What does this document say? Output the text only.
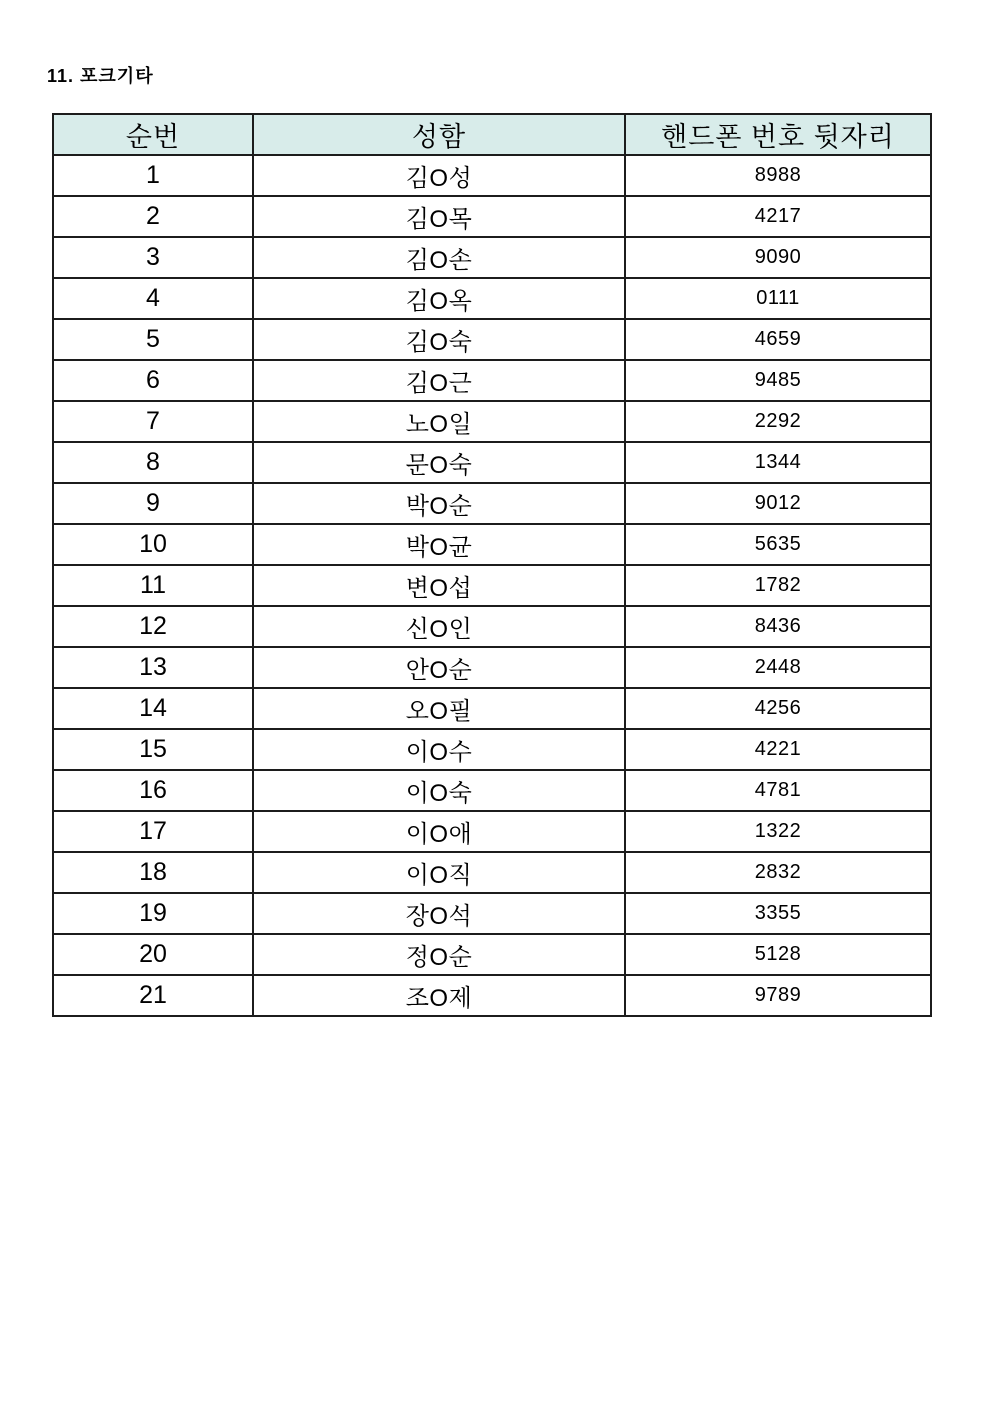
11. 포크기타
순번	성함	핸드폰 번호 뒷자리
1	김O성	8988
2	김O목	4217
3	김O손	9090
4	김O옥	0111
5	김O숙	4659
6	김O근	9485
7	노O일	2292
8	문O숙	1344
9	박O순	9012
10	박O균	5635
11	변O섭	1782
12	신O인	8436
13	안O순	2448
14	오O필	4256
15	이O수	4221
16	이O숙	4781
17	이O애	1322
18	이O직	2832
19	장O석	3355
20	정O순	5128
21	조O제	9789
